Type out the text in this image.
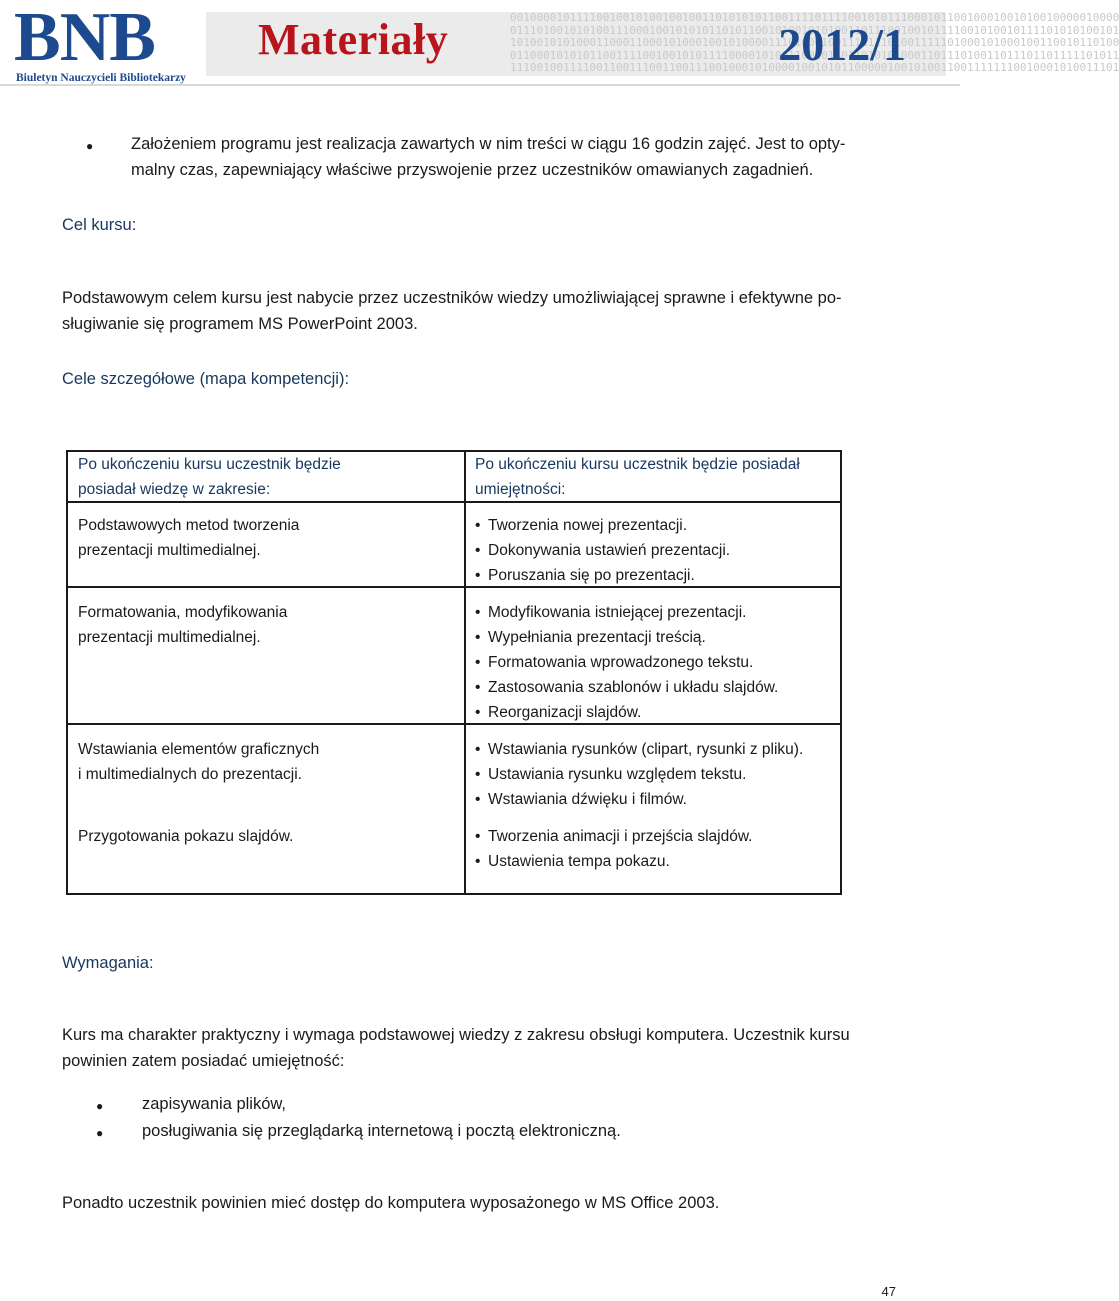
BNB
Biuletyn Nauczycieli Bibliotekarzy
00100001011110010010100100100110101010110011110111100101011100010110010001001010010000010000
01110100101010011100010010101011010110010100101010011011100100101111001010010111101010100101
10100101010001100011000101000100101000011101000100111111101001111101000101000100110010110100
01100010101011001111001001010111100001010011000011011010101000110111010011011101101111101011
11100100111100110011100110011100100010100001001010110000010010100110011111110010001010011101
Materiały	2012/1
● Założeniem programu jest realizacja zawartych w nim treści w ciągu 16 godzin zajęć. Jest to opty-
malny czas, zapewniający właściwe przyswojenie przez uczestników omawianych zagadnień.
Cel kursu:
Podstawowym celem kursu jest nabycie przez uczestników wiedzy umożliwiającej sprawne i efektywne po-
sługiwanie się programem MS PowerPoint 2003.
Cele szczegółowe (mapa kompetencji):
Po ukończeniu kursu uczestnik będzie
posiadał wiedzę w zakresie:
Po ukończeniu kursu uczestnik będzie posiadał
umiejętności:
Podstawowych metod tworzenia
prezentacji multimedialnej.
• Tworzenia nowej prezentacji.
• Dokonywania ustawień prezentacji.
• Poruszania się po prezentacji.
Formatowania, modyfikowania
prezentacji multimedialnej.
• Modyfikowania istniejącej prezentacji.
• Wypełniania prezentacji treścią.
• Formatowania wprowadzonego tekstu.
• Zastosowania szablonów i układu slajdów.
• Reorganizacji slajdów.
Wstawiania elementów graficznych
i multimedialnych do prezentacji.
• Wstawiania rysunków (clipart, rysunki z pliku).
• Ustawiania rysunku względem tekstu.
• Wstawiania dźwięku i filmów.
Przygotowania pokazu slajdów.
•	Tworzenia animacji i przejścia slajdów.
• Ustawienia tempa pokazu.
Wymagania:
Kurs ma charakter praktyczny i wymaga podstawowej wiedzy z zakresu obsługi komputera. Uczestnik kursu
powinien zatem posiadać umiejętność:
● zapisywania plików,
● posługiwania się przeglądarką internetową i pocztą elektroniczną.
Ponadto uczestnik powinien mieć dostęp do komputera wyposażonego w MS Office 2003.
47
